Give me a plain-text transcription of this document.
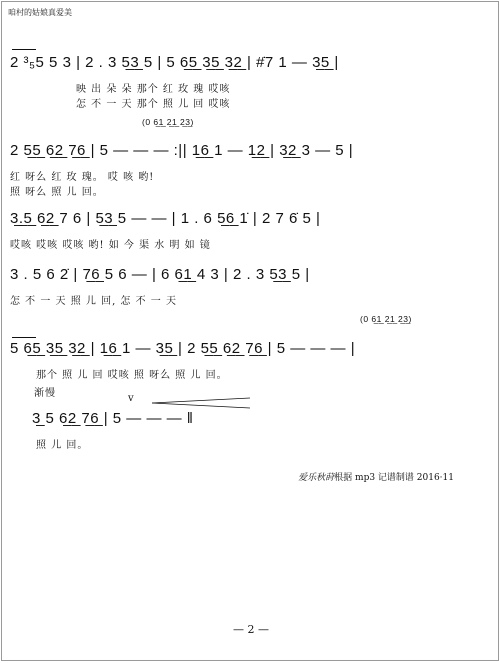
咱村的姑娘真爱美
2 ³₅5 5 3 | 2 . 3 5̲3̲ 5 | 5 6̲5̲ 3̲5̲ 3̲2̲ | #̇7 1 — 3̲5̲ |
映 出 朵 朵 那个 红 玫 瑰 哎咳
怎 不 一 天 那个 照 儿 回 哎咳
(0 6̲1̲ 2̲1̲ 2̲3̲)
2 5̲5̲ 6̲2̲ 7̲6̲ | 5 — — — :|| 1̲6̲ 1 — 1̲2̲ | 3̲2̲ 3 — 5 |
红 呀么 红 玫 瑰。 哎 咳 哟!
照 呀么 照 儿 回。
3̲.̲5̲ 6̲2̲ 7 6 | 5̲3̲ 5 — — | 1 . 6 5̲6̲ 1̇ | 2 7 6̇ 5 |
哎咳 哎咳 哎咳 哟! 如 今 渠 水 明 如 镜
3 . 5 6 2̇ | 7̲6̲ 5 6 — | 6 6̲1̲ 4 3 | 2 . 3 5̲3̲ 5 |
怎 不 一 天 照 儿 回, 怎 不 一 天
(0 6̲1̲ 2̲1̲ 2̲3̲)
5 6̲5̲ 3̲5̲ 3̲2̲ | 1̲6̲ 1 — 3̲5̲ | 2 5̲5̲ 6̲2̲ 7̲6̲ | 5 — — — |
那个 照 儿 回 哎咳 照 呀么 照 儿 回。
渐慢	v
3̲ 5 6̲2̲ 7̲6̲ | 5 — — — ‖
照 儿 回。
爱乐秋莳根据 mp3 记谱制谱 2016·11
— 2 —
